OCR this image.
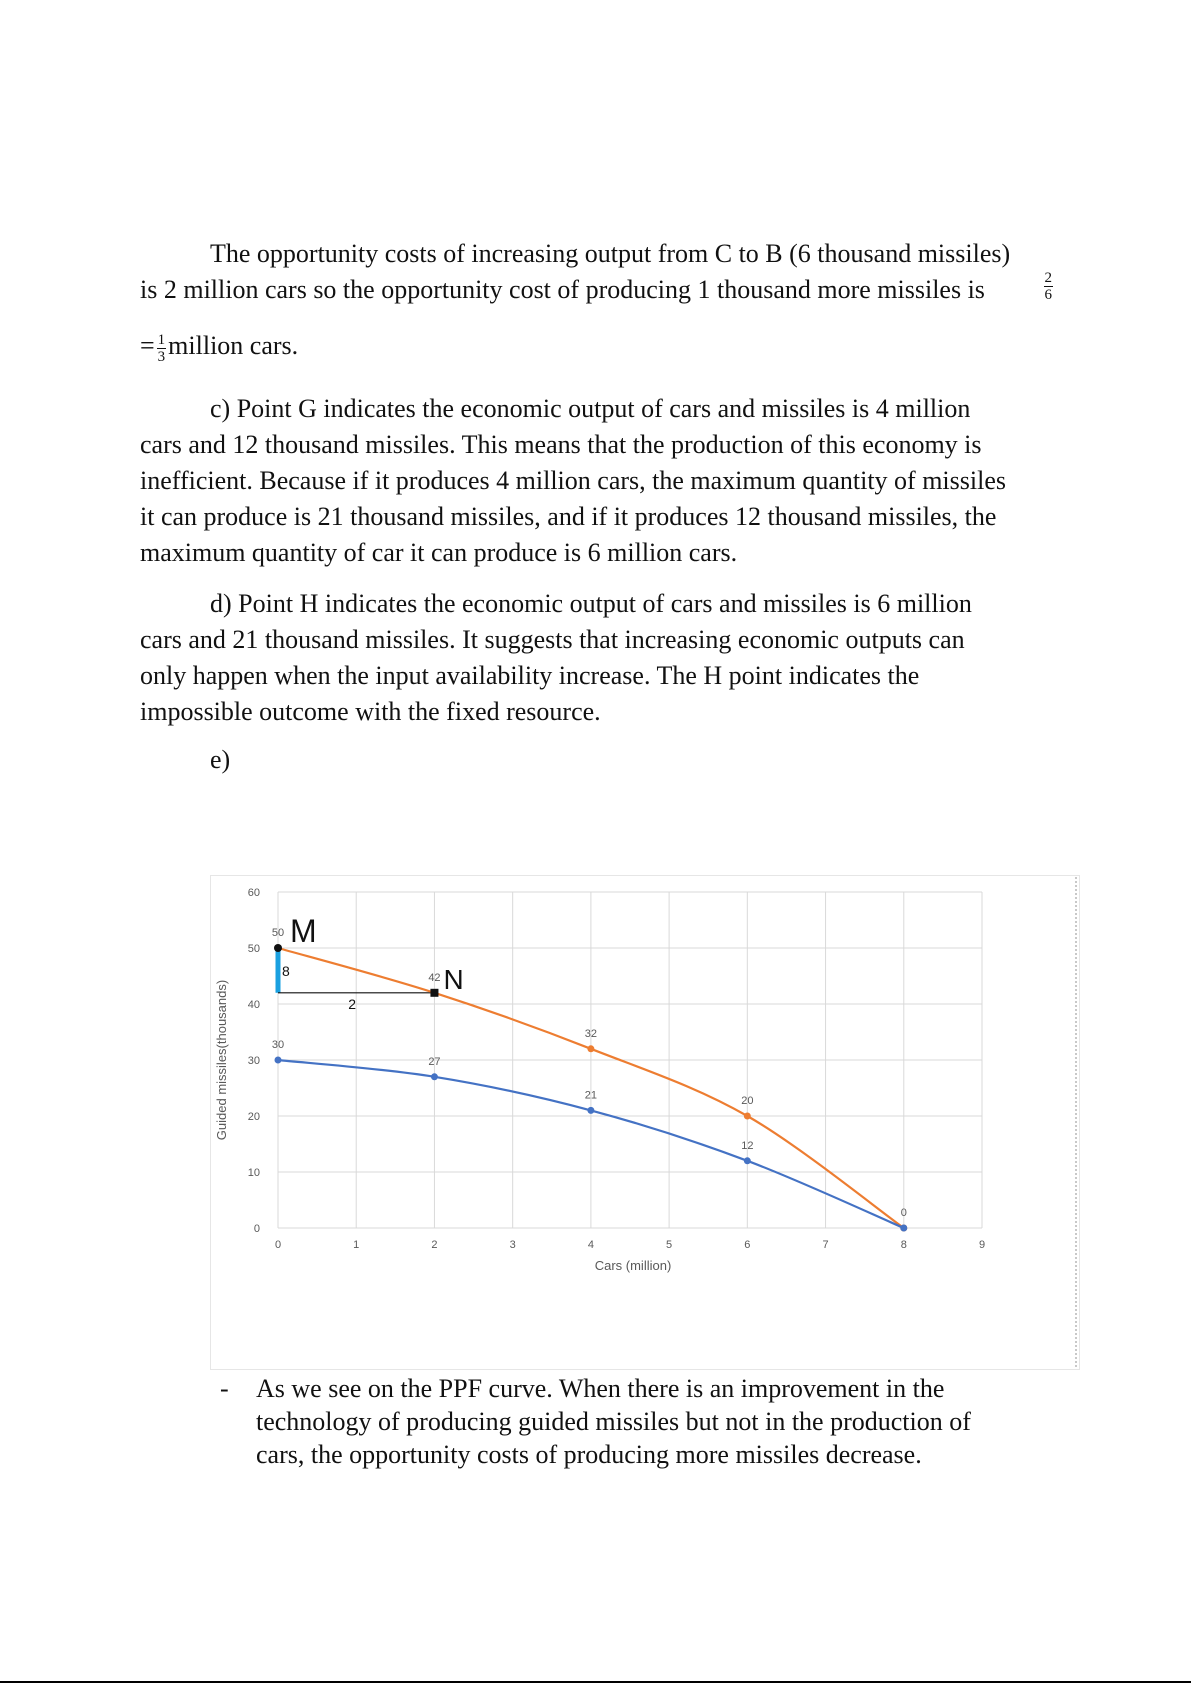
The opportunity costs of increasing output from C to B (6 thousand missiles)
is 2 million cars so the opportunity cost of producing 1 thousand more missiles is	$\frac{2}{6}$
= $\frac{1}{3}$ million cars.
c) Point G indicates the economic output of cars and missiles is 4 million
cars and 12 thousand missiles. This means that the production of this economy is
inefficient. Because if it produces 4 million cars, the maximum quantity of missiles
it can produce is 21 thousand missiles, and if it produces 12 thousand missiles, the
maximum quantity of car it can produce is 6 million cars.
d) Point H indicates the economic output of cars and missiles is 6 million
cars and 21 thousand missiles. It suggests that increasing economic outputs can
only happen when the input availability increase. The H point indicates the
impossible outcome with the fixed resource.
e)
0	1	2	3	4	5	6	7	8	9
0
10
20
30
40
50
60
Guided missiles(thousands)
Cars (million)
50
42
32
20
0
30
27
21
12
M
N
8
2
- As we see on the PPF curve. When there is an improvement in the
technology of producing guided missiles but not in the production of
cars, the opportunity costs of producing more missiles decrease.
